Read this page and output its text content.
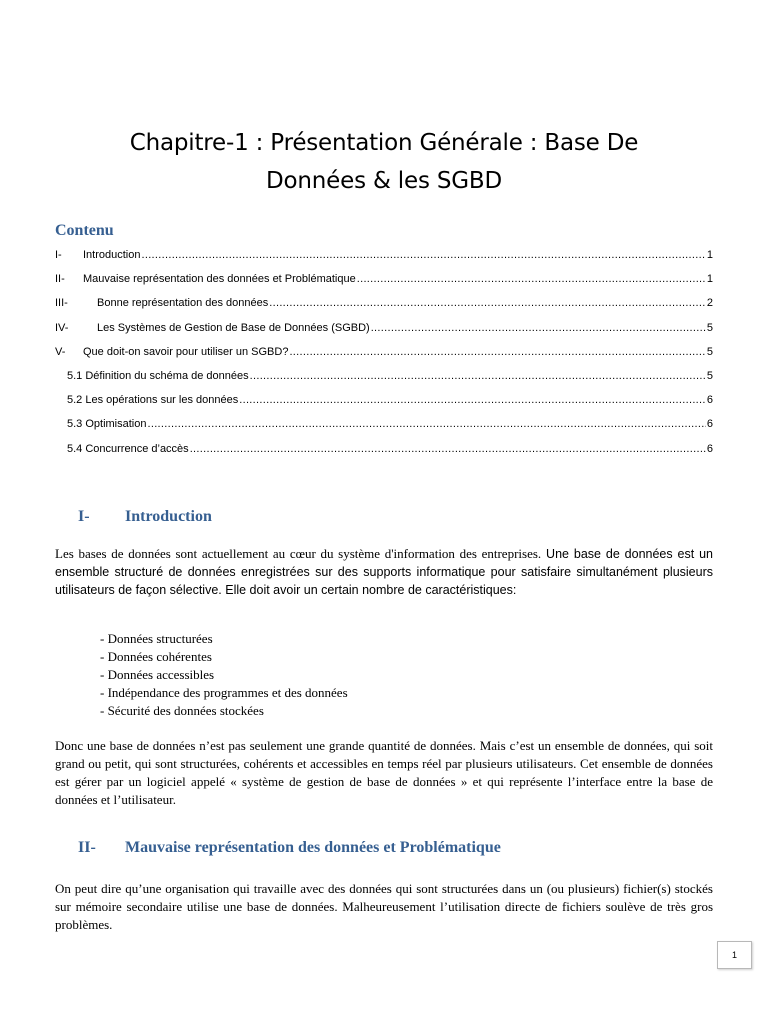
Chapitre-1 : Présentation Générale : Base De
Données & les SGBD
Contenu
I-	Introduction .....	1
II-	Mauvaise représentation des données et Problématique .....	1
III-	Bonne représentation des données .....	2
IV-	Les Systèmes de Gestion de Base de Données (SGBD) .....	5
V-	Que doit-on savoir pour utiliser un SGBD? .....	5
5.1 Définition du schéma de données .....	5
5.2 Les opérations sur les données .....	6
5.3 Optimisation .....	6
5.4 Concurrence d’accès .....	6
I-	Introduction

Les bases de données sont actuellement au cœur du système d'information des entreprises. Une base de données est un ensemble structuré de données enregistrées sur des supports informatique pour satisfaire simultanément plusieurs utilisateurs de façon sélective. Elle doit avoir un certain nombre de caractéristiques:

- Données structurées
- Données cohérentes
- Données accessibles
- Indépendance des programmes et des données
- Sécurité des données stockées

Donc une base de données n’est pas seulement une grande quantité de données. Mais c’est un ensemble de données, qui soit grand ou petit, qui sont structurées, cohérents et accessibles en temps réel par plusieurs utilisateurs. Cet ensemble de données est gérer par un logiciel appelé « système de gestion de base de données » et qui représente l’interface entre la base de données et l’utilisateur.

II-	Mauvaise représentation des données et Problématique

On peut dire qu’une organisation qui travaille avec des données qui sont structurées dans un (ou plusieurs) fichier(s) stockés sur mémoire secondaire utilise une base de données. Malheureusement l’utilisation directe de fichiers soulève de très gros problèmes.

1
